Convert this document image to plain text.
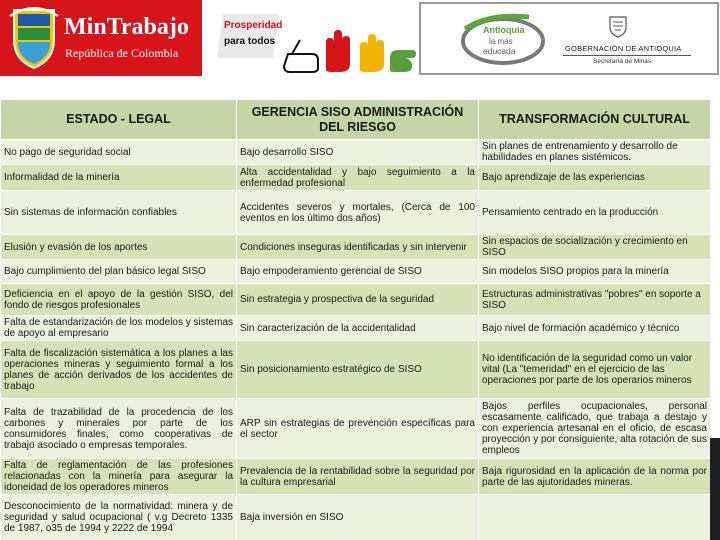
MinTrabajo
República de Colombia
Prosperidad
para todos
Antioquia
la más
educada	GOBERNACIÓN DE ANTIOQUIA
Secretaría de Minas
ESTADO - LEGAL	GERENCIA SISO ADMINISTRACIÓN DEL RIESGO	TRANSFORMACIÓN CULTURAL
No pago de seguridad social	Bajo desarrollo SISO	Sin planes de entrenamiento y desarrollo de habilidades en planes sistémicos.
Informalidad de la minería	Alta accidentalidad y bajo seguimiento a la enfermedad profesional	Bajo aprendizaje de las experiencias
Sin sistemas de información confiables	Accidentes severos y mortales, (Cerca de 100 eventos en los último dos años)	Pensamiento centrado en la producción
Elusión y evasión de los aportes	Condiciones inseguras identificadas y sin intervenir	Sin espacios de socialización y crecimiento en SISO
Bajo cumplimiento del plan básico legal SISO	Bajo empoderamiento gerencial de SISO	Sin modelos SISO propios para la minería
Deficiencia en el apoyo de la gestión SISO, del fondo de riesgos profesionales	Sin estrategia y prospectiva de la seguridad	Estructuras administrativas "pobres" en soporte a SISO
Falta de estandarización de los modelos y sistemas de apoyo al empresario	Sin caracterización de la accidentalidad	Bajo nivel de formación académico y técnico
Falta de fiscalización sistemática a los planes a las operaciones mineras y seguimiento formal a los planes de acción derivados de los accidentes de trabajo	Sin posicionamiento estratégico de SISO	No identificación de la seguridad como un valor vital (La "temeridad" en el ejercicio de las operaciones por parte de los operarios mineros
Falta de trazabilidad de la procedencia de los carbones y minerales por parte de los consumidores finales, como cooperativas de trabajo asociado o empresas temporales.	ARP sin estrategias de prevención específicas para el sector	Bajos perfiles ocupacionales, personal escasamente calificado, que trabaja a destajo y con experiencia artesanal en el oficio, de escasa proyección y por consiguiente, alta rotación de sus empleos
Falta de reglamentación de las profesiones relacionadas con la minería para asegurar la idoneidad de los operadores mineros	Prevalencia de la rentabilidad sobre la seguridad por la cultura empresarial	Baja rigurosidad en la aplicación de la norma por parte de las ajutoridades mineras.
Desconocimiento de la normatividad: minera y de seguridad y salud ocupacional ( v.g Decreto 1335 de 1987, o35 de 1994 y 2222 de 1994	Baja inversión en SISO	
